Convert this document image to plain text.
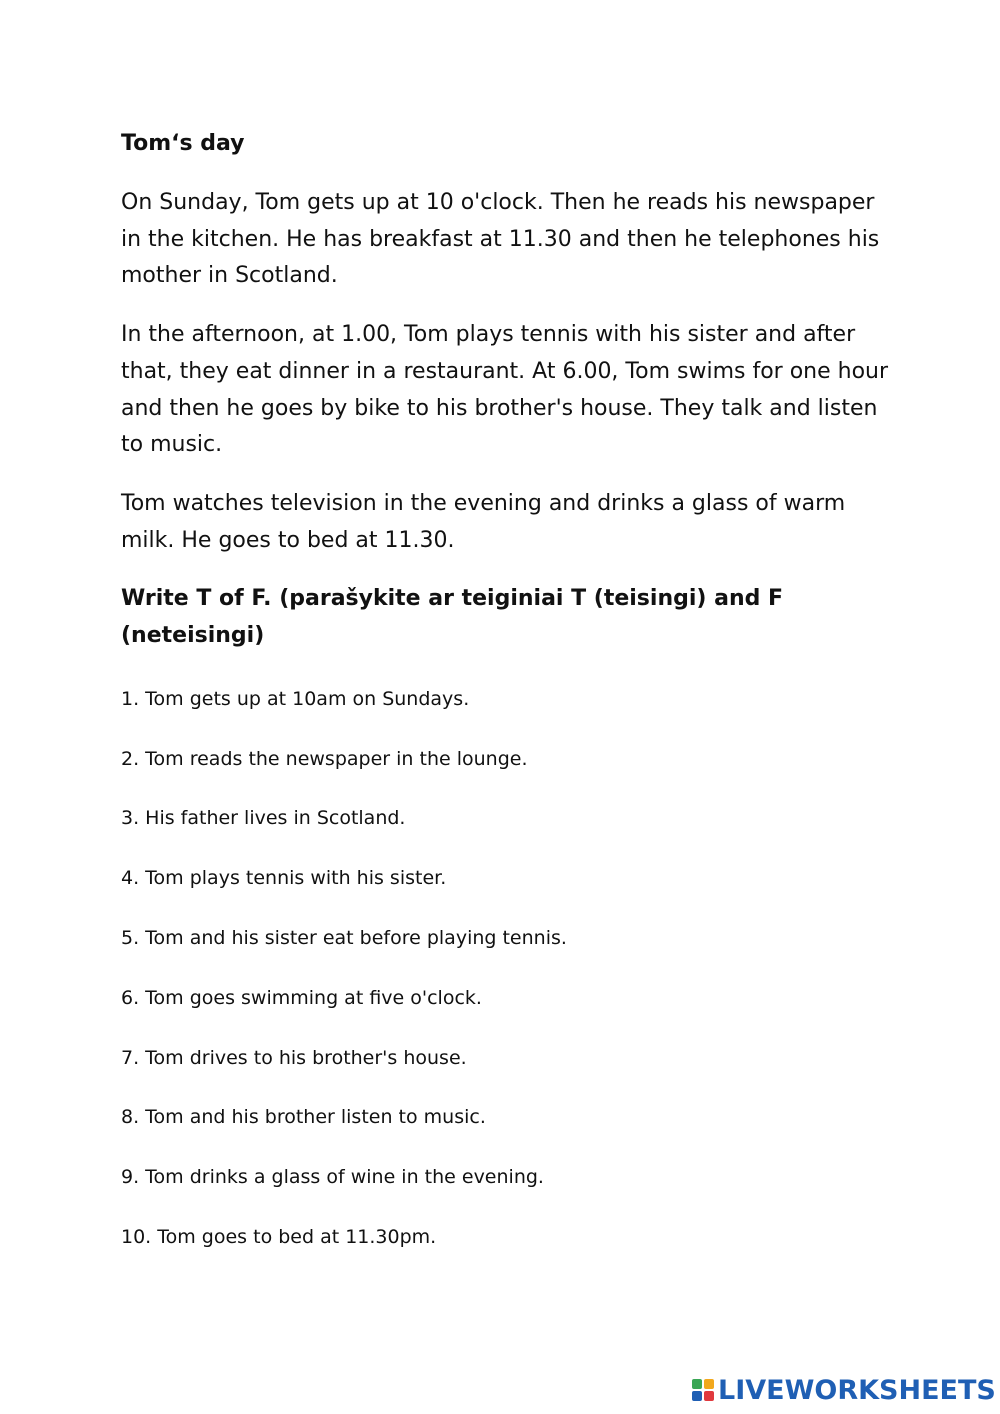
Tom‘s day

On Sunday, Tom gets up at 10 o'clock. Then he reads his newspaper in the kitchen. He has breakfast at 11.30 and then he telephones his mother in Scotland.

In the afternoon, at 1.00, Tom plays tennis with his sister and after that, they eat dinner in a restaurant. At 6.00, Tom swims for one hour and then he goes by bike to his brother's house. They talk and listen to music.

Tom watches television in the evening and drinks a glass of warm milk. He goes to bed at 11.30.

Write T of F. (parašykite ar teiginiai T (teisingi) and F (neteisingi)

1. Tom gets up at 10am on Sundays.
2. Tom reads the newspaper in the lounge.
3. His father lives in Scotland.
4. Tom plays tennis with his sister.
5. Tom and his sister eat before playing tennis.
6. Tom goes swimming at five o'clock.
7. Tom drives to his brother's house.
8. Tom and his brother listen to music.
9. Tom drinks a glass of wine in the evening.
10. Tom goes to bed at 11.30pm.
LIVEWORKSHEETS
